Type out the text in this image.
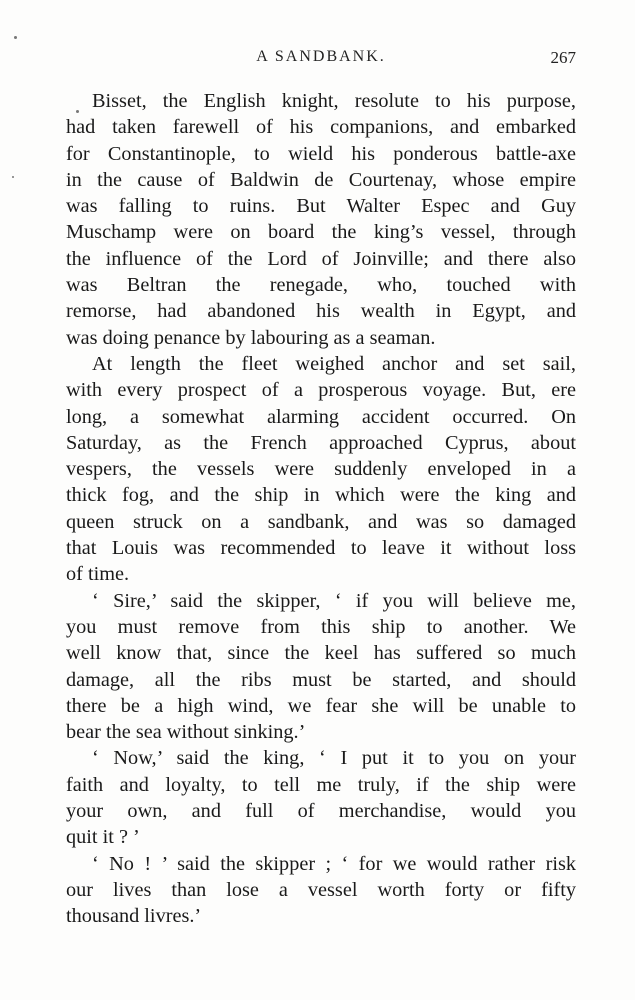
A SANDBANK.	267
Bisset, the English knight, resolute to his purpose,
had taken farewell of his companions, and embarked
for Constantinople, to wield his ponderous battle-axe
in the cause of Baldwin de Courtenay, whose empire
was falling to ruins. But Walter Espec and Guy
Muschamp were on board the king’s vessel, through
the influence of the Lord of Joinville; and there also
was Beltran the renegade, who, touched with
remorse, had abandoned his wealth in Egypt, and
was doing penance by labouring as a seaman.
At length the fleet weighed anchor and set sail,
with every prospect of a prosperous voyage. But, ere
long, a somewhat alarming accident occurred. On
Saturday, as the French approached Cyprus, about
vespers, the vessels were suddenly enveloped in a
thick fog, and the ship in which were the king and
queen struck on a sandbank, and was so damaged
that Louis was recommended to leave it without loss
of time.
‘ Sire,’ said the skipper, ‘ if you will believe me,
you must remove from this ship to another. We
well know that, since the keel has suffered so much
damage, all the ribs must be started, and should
there be a high wind, we fear she will be unable to
bear the sea without sinking.’
‘ Now,’ said the king, ‘ I put it to you on your
faith and loyalty, to tell me truly, if the ship were
your own, and full of merchandise, would you
quit it ? ’
‘ No ! ’ said the skipper ; ‘ for we would rather risk
our lives than lose a vessel worth forty or fifty
thousand livres.’
